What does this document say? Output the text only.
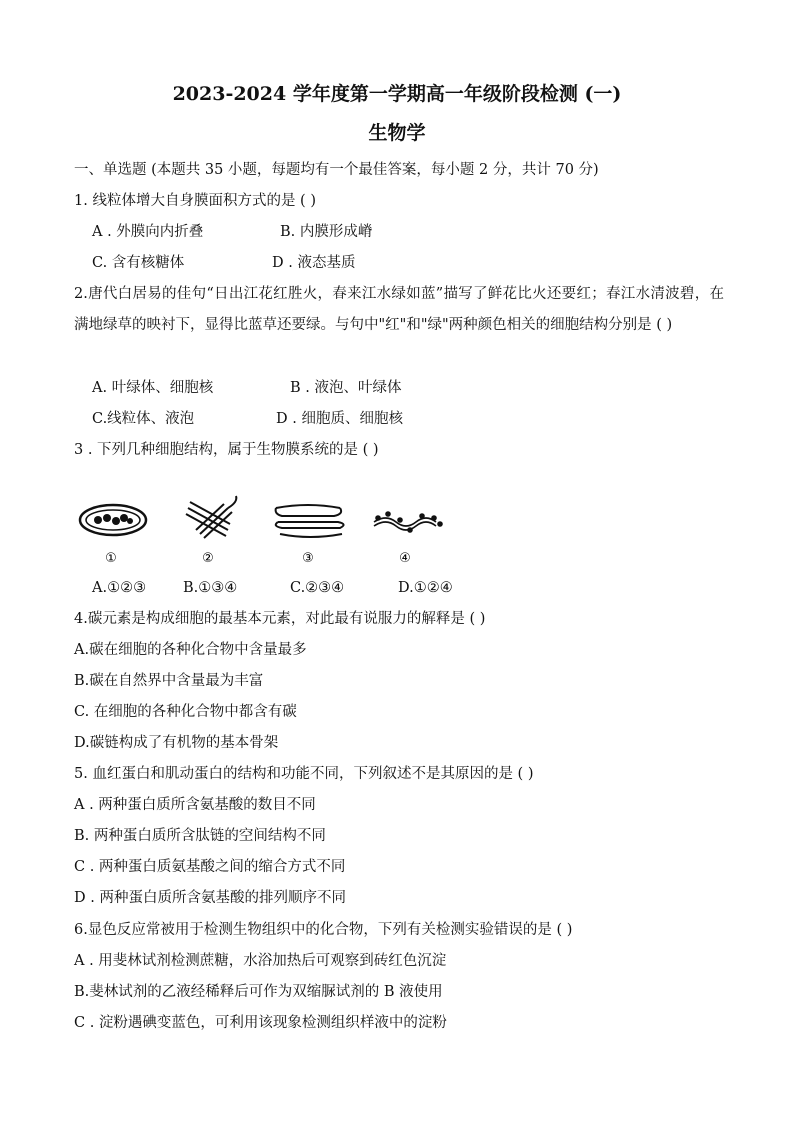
2023-2024 学年度第一学期高一年级阶段检测 (一)
生物学
一、单选题 (本题共 35 小题，每题均有一个最佳答案，每小题 2 分，共计 70 分)
1. 线粒体增大自身膜面积方式的是 ( )
A . 外膜向内折叠	B. 内膜形成嵴
C. 含有核糖体	D . 液态基质
2.唐代白居易的佳句“日出江花红胜火，春来江水绿如蓝”描写了鲜花比火还要红；春江水清波碧，在满地绿草的映衬下，显得比蓝草还要绿。与句中"红"和"绿"两种颜色相关的细胞结构分别是 ( )
A. 叶绿体、细胞核	B . 液泡、叶绿体
C.线粒体、液泡	D . 细胞质、细胞核
3 . 下列几种细胞结构，属于生物膜系统的是 ( )
①	②	③	④
A.①②③	B.①③④	C.②③④	D.①②④
4.碳元素是构成细胞的最基本元素，对此最有说服力的解释是 ( )
A.碳在细胞的各种化合物中含量最多
B.碳在自然界中含量最为丰富
C. 在细胞的各种化合物中都含有碳
D.碳链构成了有机物的基本骨架
5. 血红蛋白和肌动蛋白的结构和功能不同，下列叙述不是其原因的是 ( )
A . 两种蛋白质所含氨基酸的数目不同
B. 两种蛋白质所含肽链的空间结构不同
C . 两种蛋白质氨基酸之间的缩合方式不同
D . 两种蛋白质所含氨基酸的排列顺序不同
6.显色反应常被用于检测生物组织中的化合物，下列有关检测实验错误的是 ( )
A . 用斐林试剂检测蔗糖，水浴加热后可观察到砖红色沉淀
B.斐林试剂的乙液经稀释后可作为双缩脲试剂的 B 液使用
C . 淀粉遇碘变蓝色，可利用该现象检测组织样液中的淀粉
